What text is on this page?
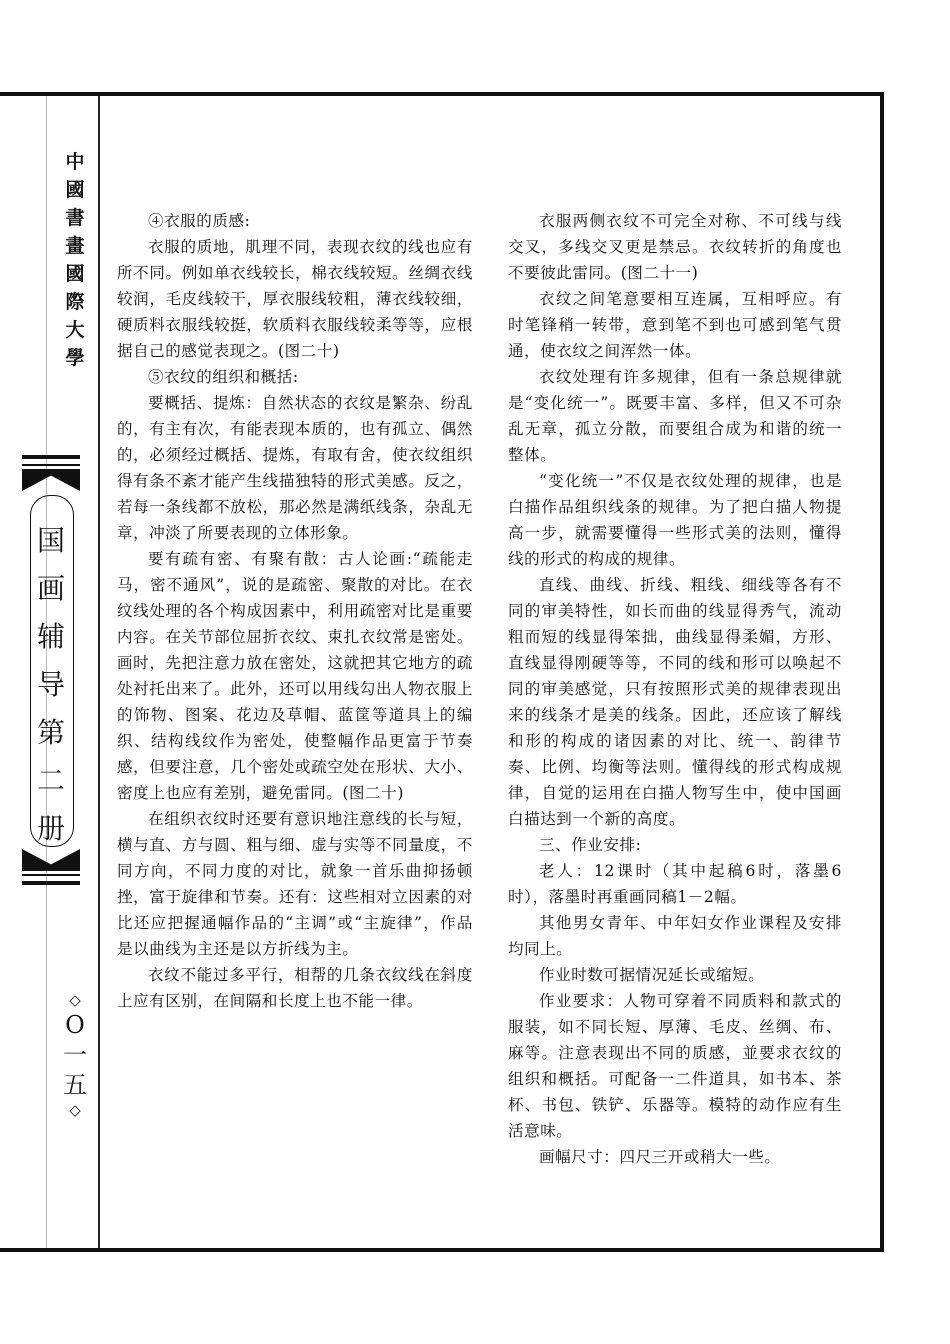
中
國
書
畫
國
際
大
學
国
画
辅
导
第
二
册
◇
O
一
五
◇

④衣服的质感:

衣服的质地，肌理不同，表现衣纹的线也应有所不同。例如单衣线较长，棉衣线较短。丝绸衣线较润，毛皮线较干，厚衣服线较粗，薄衣线较细，硬质料衣服线较挺，软质料衣服线较柔等等，应根据自己的感觉表现之。(图二十)

⑤衣纹的组织和概括:

要概括、提炼：自然状态的衣纹是繁杂、纷乱的，有主有次，有能表现本质的，也有孤立、偶然的，必须经过概括、提炼，有取有舍，使衣纹组织得有条不紊才能产生线描独特的形式美感。反之，若每一条线都不放松，那必然是满纸线条，杂乱无章，冲淡了所要表现的立体形象。

要有疏有密、有聚有散：古人论画:“疏能走马，密不通风”，说的是疏密、聚散的对比。在衣纹线处理的各个构成因素中，利用疏密对比是重要内容。在关节部位屈折衣纹、束扎衣纹常是密处。画时，先把注意力放在密处，这就把其它地方的疏处衬托出来了。此外，还可以用线勾出人物衣服上的饰物、图案、花边及草帽、蓝筐等道具上的编织、结构线纹作为密处，使整幅作品更富于节奏感，但要注意，几个密处或疏空处在形状、大小、密度上也应有差别，避免雷同。(图二十)

在组织衣纹时还要有意识地注意线的长与短，横与直、方与圆、粗与细、虚与实等不同量度，不同方向，不同力度的对比，就象一首乐曲抑扬顿挫，富于旋律和节奏。还有：这些相对立因素的对比还应把握通幅作品的“主调”或“主旋律”，作品是以曲线为主还是以方折线为主。

衣纹不能过多平行，相帮的几条衣纹线在斜度上应有区别，在间隔和长度上也不能一律。

衣服两侧衣纹不可完全对称、不可线与线交叉，多线交叉更是禁忌。衣纹转折的角度也不要彼此雷同。(图二十一)

衣纹之间笔意要相互连属，互相呼应。有时笔锋稍一转带，意到笔不到也可感到笔气贯通，使衣纹之间浑然一体。

衣纹处理有许多规律，但有一条总规律就是“变化统一”。既要丰富、多样，但又不可杂乱无章，孤立分散，而要组合成为和谐的统一整体。

“变化统一”不仅是衣纹处理的规律，也是白描作品组织线条的规律。为了把白描人物提高一步，就需要懂得一些形式美的法则，懂得线的形式的构成的规律。

直线、曲线、折线、粗线、细线等各有不同的审美特性，如长而曲的线显得秀气，流动粗而短的线显得笨拙，曲线显得柔媚，方形、直线显得刚硬等等，不同的线和形可以唤起不同的审美感觉，只有按照形式美的规律表现出来的线条才是美的线条。因此，还应该了解线和形的构成的诸因素的对比、统一、韵律节奏、比例、均衡等法则。懂得线的形式构成规律，自觉的运用在白描人物写生中，使中国画白描达到一个新的高度。

三、作业安排:

老人：12课时（其中起稿6时，落墨6时），落墨时再重画同稿1－2幅。

其他男女青年、中年妇女作业课程及安排均同上。

作业时数可据情况延长或缩短。

作业要求：人物可穿着不同质料和款式的服装，如不同长短、厚薄、毛皮、丝绸、布、麻等。注意表现出不同的质感，並要求衣纹的组织和概括。可配备一二件道具，如书本、茶杯、书包、铁铲、乐器等。模特的动作应有生活意味。

画幅尺寸：四尺三开或稍大一些。
